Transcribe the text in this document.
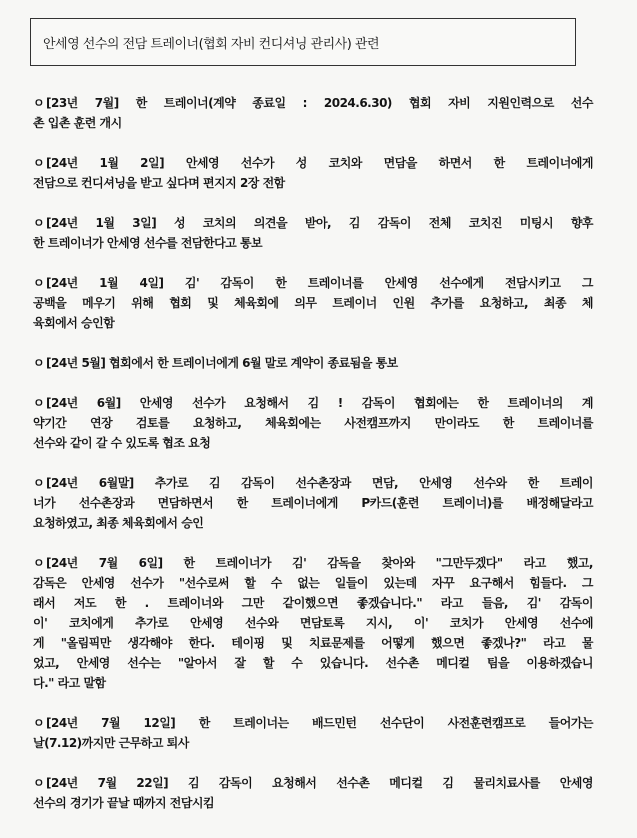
안세영 선수의 전담 트레이너(협회 자비 컨디셔닝 관리사) 관련
ㅇ [23년 7월] 한 트레이너(계약 종료일 : 2024.6.30) 협회 자비 지원인력으로 선수
촌 입촌 훈련 개시
ㅇ [24년 1월 2일] 안세영 선수가 성 코치와 면담을 하면서 한 트레이너에게
전담으로 컨디셔닝을 받고 싶다며 편지지 2장 전함
ㅇ [24년 1월 3일] 성 코치의 의견을 받아, 김 감독이 전체 코치진 미팅시 향후
한 트레이너가 안세영 선수를 전담한다고 통보
ㅇ [24년 1월 4일] 김' 감독이 한 트레이너를 안세영 선수에게 전담시키고 그
공백을 메우기 위해 협회 및 체육회에 의무 트레이너 인원 추가를 요청하고, 최종 체
육회에서 승인함
ㅇ [24년 5월] 협회에서 한 트레이너에게 6월 말로 계약이 종료됨을 통보
ㅇ [24년 6월] 안세영 선수가 요청해서 김 ! 감독이 협회에는 한 트레이너의 계
약기간 연장 검토를 요청하고, 체육회에는 사전캠프까지 만이라도 한 트레이너를
선수와 같이 갈 수 있도록 협조 요청
ㅇ [24년 6월말] 추가로 김 감독이 선수촌장과 면담, 안세영 선수와 한 트레이
너가 선수촌장과 면담하면서 한 트레이너에게 P카드(훈련 트레이너)를 배정해달라고
요청하였고, 최종 체육회에서 승인
ㅇ [24년 7월 6일] 한 트레이너가 김' 감독을 찾아와 "그만두겠다" 라고 했고,
감독은 안세영 선수가 "선수로써 할 수 없는 일들이 있는데 자꾸 요구해서 힘들다. 그
래서 저도 한 . 트레이너와 그만 같이했으면 좋겠습니다." 라고 들음, 김' 감독이
이' 코치에게 추가로 안세영 선수와 면담토록 지시, 이' 코치가 안세영 선수에
게 "올림픽만 생각해야 한다. 테이핑 및 치료문제를 어떻게 했으면 좋겠나?" 라고 물
었고, 안세영 선수는 "알아서 잘 할 수 있습니다. 선수촌 메디컬 팀을 이용하겠습니
다." 라고 말함
ㅇ [24년 7월 12일] 한 트레이너는 배드민턴 선수단이 사전훈련캠프로 들어가는
날(7.12)까지만 근무하고 퇴사
ㅇ [24년 7월 22일] 김 감독이 요청해서 선수촌 메디컬 김 물리치료사를 안세영
선수의 경기가 끝날 때까지 전담시킴
